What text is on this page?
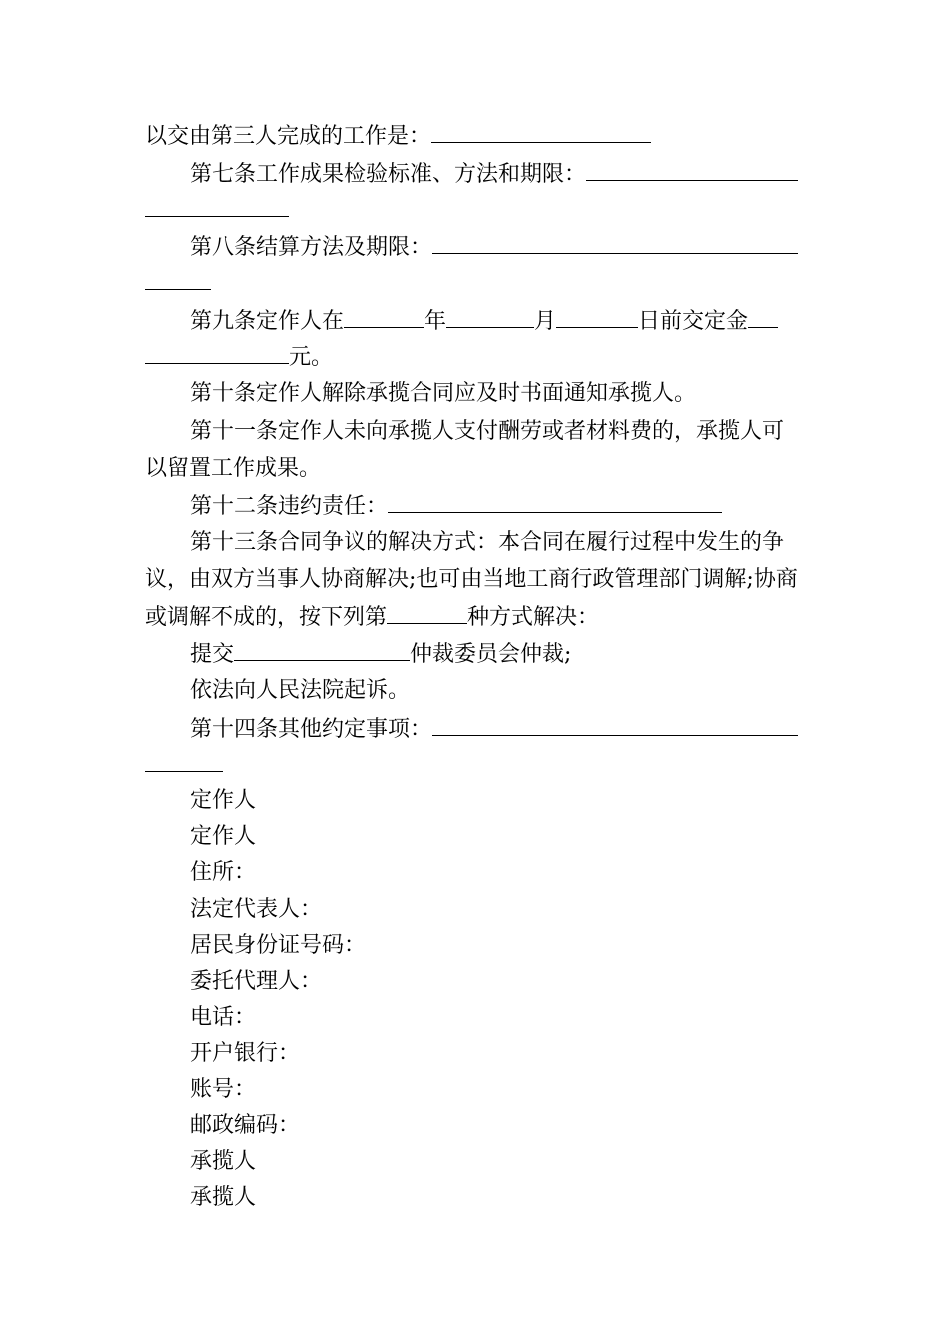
以交由第三人完成的工作是：
第七条工作成果检验标准、方法和期限：
第八条结算方法及期限：
第九条定作人在	年	月	日前交定金
元。
第十条定作人解除承揽合同应及时书面通知承揽人。
第十一条定作人未向承揽人支付酬劳或者材料费的，承揽人可
以留置工作成果。
第十二条违约责任：
第十三条合同争议的解决方式：本合同在履行过程中发生的争
议，由双方当事人协商解决;也可由当地工商行政管理部门调解;协商
或调解不成的，按下列第	种方式解决：
提交	仲裁委员会仲裁;
依法向人民法院起诉。
第十四条其他约定事项：
定作人
定作人
住所：
法定代表人：
居民身份证号码：
委托代理人：
电话：
开户银行：
账号：
邮政编码：
承揽人
承揽人
